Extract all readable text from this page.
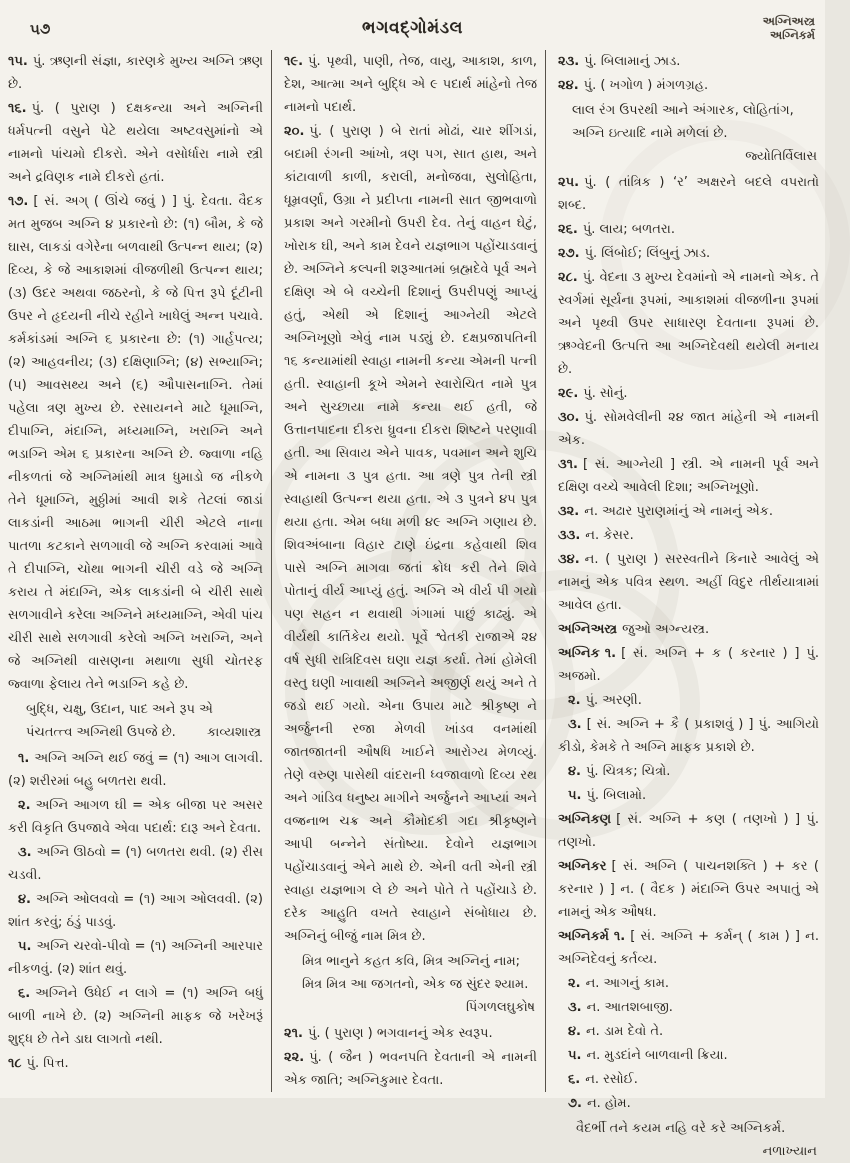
૫૭	ભગવદ્ગોમંડલ	અગ્નિઅસ્ત્ર
અગ્નિકર્મ

૧૫. પું. ઋણની સંજ્ઞા, કારણકે મુખ્ય અગ્નિ ઋણ છે.

૧૬. પું. ( પુરાણ ) દક્ષકન્યા અને અગ્નિની ધર્મપત્ની વસુને પેટે થયેલા અષ્ટવસુમાંનો એ નામનો પાંચમો દીકરો. એને વસોર્ધારા નામે સ્ત્રી અને દ્રવિણક નામે દીકરો હતાં.

૧૭. [ સં. અગ્ ( ઊંચે જવું ) ] પું. દેવતા. વૈદક મત મુજબ અગ્નિ ૪ પ્રકારનો છે: (૧) બૌમ, કે જે ઘાસ, લાકડાં વગેરેના બળવાથી ઉત્પન્ન થાય; (૨) દિવ્ય, કે જે આકાશમાં વીજળીથી ઉત્પન્ન થાય; (૩) ઉદર અથવા જઠરનો, કે જે પિત્ત રૂપે દૂંટીની ઉપર ને હૃદયની નીચે રહીને ખાધેલું અન્ન પચાવે. કર્મકાંડમાં અગ્નિ ૬ પ્રકારના છે: (૧) ગાર્હપત્ય; (૨) આહવનીય; (૩) દક્ષિણાગ્નિ; (૪) સભ્યાગ્નિ; (૫) આવસથ્ય અને (૬) ઔપાસનાગ્નિ. તેમાં પહેલા ત્રણ મુખ્ય છે. રસાયનને માટે ધૂમાગ્નિ, દીપાગ્નિ, મંદાગ્નિ, મધ્યમાગ્નિ, ખરાગ્નિ અને ભડાગ્નિ એમ ૬ પ્રકારના અગ્નિ છે. જ્વાળા નહિ નીકળતાં જે અગ્નિમાંથી માત્ર ધુમાડો જ નીકળે તેને ધૂમાગ્નિ, મુઠ્ઠીમાં આવી શકે તેટલાં જાડાં લાકડાંની આઠમા ભાગની ચીરી એટલે નાના પાતળા કટકાને સળગાવી જે અગ્નિ કરવામાં આવે તે દીપાગ્નિ, ચોથા ભાગની ચીરી વડે જે અગ્નિ કરાય તે મંદાગ્નિ, એક લાકડાંની બે ચીરી સાથે સળગાવીને કરેલા અગ્નિને મધ્યમાગ્નિ, એવી પાંચ ચીરી સાથે સળગાવી કરેલો અગ્નિ ખરાગ્નિ, અને જે અગ્નિથી વાસણના મથાળા સુધી ચોતરફ જ્વાળા ફેલાય તેને ભડાગ્નિ કહે છે.

બુદ્ધિ, ચક્ષુ, ઉદાન, પાદ અને રૂપ એ પંચતત્ત્વ અગ્નિથી ઉપજે છે.	કાવ્યશાસ્ત્ર

૧. અગ્નિ અગ્નિ થઈ જવું = (૧) આગ લાગવી. (૨) શરીરમાં બહુ બળતરા થવી.

૨. અગ્નિ આગળ ઘી = એક બીજા પર અસર કરી વિકૃતિ ઉપજાવે એવા પદાર્થ: દારૂ અને દેવતા.

૩. અગ્નિ ઊઠવો = (૧) બળતરા થવી. (૨) રીસ ચડવી.

૪. અગ્નિ ઓલવવો = (૧) આગ ઓલવવી. (૨) શાંત કરવું; ઠંડું પાડવું.

૫. અગ્નિ ચરવો-પીવો = (૧) અગ્નિની આરપાર નીકળવું. (૨) શાંત થવું.

૬. અગ્નિને ઉધેઈ ન લાગે = (૧) અગ્નિ બધું બાળી નાખે છે. (૨) અગ્નિની માફક જે ખરેખરૂં શુદ્ધ છે તેને ડાઘ લાગતો નથી.

૧૮ પું. પિત્ત.

૧૯. પું. પૃથ્વી, પાણી, તેજ, વાયુ, આકાશ, કાળ, દેશ, આત્મા અને બુદ્ધિ એ ૯ પદાર્થ માંહેનો તેજ નામનો પદાર્થ.

૨૦. પું. ( પુરાણ ) બે રાતાં મોઢાં, ચાર શીંગડાં, બદામી રંગની આંખો, ત્રણ પગ, સાત હાથ, અને કાંટાવાળી કાળી, કરાલી, મનોજવા, સુલોહિતા, ધૂમ્રવર્ણા, ઉગ્રા ને પ્રદીપ્તા નામની સાત જીભવાળો પ્રકાશ અને ગરમીનો ઉપરી દેવ. તેનું વાહન ઘેટું, ખોરાક ઘી, અને કામ દેવને યજ્ઞભાગ પહોંચાડવાનું છે. અગ્નિને કલ્પની શરૂઆતમાં બ્રહ્મદેવે પૂર્વ અને દક્ષિણ એ બે વચ્ચેની દિશાનું ઉપરીપણું આપ્યું હતું, એથી એ દિશાનું આગ્નેયી એટલે અગ્નિખૂણો એવું નામ પડ્યું છે. દક્ષપ્રજાપતિની ૧૬ કન્યામાંથી સ્વાહા નામની કન્યા એમની પત્ની હતી. સ્વાહાની કૂખે એમને સ્વારોચિત નામે પુત્ર અને સુચ્છાયા નામે કન્યા થઈ હતી, જે ઉત્તાનપાદના દીકરા ધ્રુવના દીકરા શિષ્ટને પરણાવી હતી. આ સિવાય એને પાવક, પવમાન અને શુચિ એ નામના ૩ પુત્ર હતા. આ ત્રણે પુત્ર તેની સ્ત્રી સ્વાહાથી ઉત્પન્ન થયા હતા. એ ૩ પુત્રને ૪૫ પુત્ર થયા હતા. એમ બધા મળી ૪૯ અગ્નિ ગણાય છે. શિવઅંબાના વિહાર ટાણે ઇંદ્રના કહેવાથી શિવ પાસે અગ્નિ માગવા જતાં ક્રોધ કરી તેને શિવે પોતાનું વીર્ય આપ્યું હતું. અગ્નિ એ વીર્ય પી ગયો પણ સહન ન થવાથી ગંગામાં પાછું કાઢ્યું. એ વીર્યથી કાર્તિકેય થયો. પૂર્વે શ્વેતકી રાજાએ ૨૪ વર્ષ સુધી રાત્રિદિવસ ઘણા યજ્ઞ કર્યા. તેમાં હોમેલી વસ્તુ ઘણી ખાવાથી અગ્નિને અજીર્ણ થયું અને તે જડો થઈ ગયો. એના ઉપાય માટે શ્રીકૃષ્ણ ને અર્જુનની રજા મેળવી ખાંડવ વનમાંથી જાતજાતની ઔષધિ ખાઈને આરોગ્ય મેળવ્યું. તેણે વરુણ પાસેથી વાંદરાની ધ્વજાવાળો દિવ્ય રથ અને ગાંડિવ ધનુષ્ય માગીને અર્જુનને આપ્યાં અને વજ્રનાભ ચક્ર અને કૌમોદકી ગદા શ્રીકૃષ્ણને આપી બન્નેને સંતોષ્યા. દેવોને યજ્ઞભાગ પહોંચાડવાનું એને માથે છે. એની વતી એની સ્ત્રી સ્વાહા યજ્ઞભાગ લે છે અને પોતે તે પહોંચાડે છે. દરેક આહુતિ વખતે સ્વાહાને સંબોધાય છે. અગ્નિનું બીજું નામ મિત્ર છે.

મિત્ર ભાનુને કહત કવિ, મિત્ર અગ્નિનું નામ;
મિત્ર મિત્ર આ જગતનો, એક જ સુંદર શ્યામ.
પિંગળલઘુકોષ

૨૧. પું. ( પુરાણ ) ભગવાનનું એક સ્વરૂપ.

૨૨. પું. ( જૈન ) ભવનપતિ દેવતાની એ નામની એક જાતિ; અગ્નિકુમાર દેવતા.

૨૩. પું. બિલામાનું ઝાડ.

૨૪. પું. ( ખગોળ ) મંગળગ્રહ.

લાલ રંગ ઉપરથી આને અંગારક, લોહિતાંગ, અગ્નિ ઇત્યાદિ નામે મળેલાં છે.
જ્યોતિર્વિલાસ

૨૫. પું. ( તાંત્રિક ) ‘ર’ અક્ષરને બદલે વપરાતો શબ્દ.

૨૬. પું. લાય; બળતરા.

૨૭. પું. લિંબોઈ; લિંબુનું ઝાડ.

૨૮. પું. વેદના ૩ મુખ્ય દેવમાંનો એ નામનો એક. તે સ્વર્ગમાં સૂર્યના રૂપમાં, આકાશમાં વીજળીના રૂપમાં અને પૃથ્વી ઉપર સાધારણ દેવતાના રૂપમાં છે. ઋગ્વેદની ઉત્પત્તિ આ અગ્નિદેવથી થયેલી મનાય છે.

૨૯. પું. સોનું.

૩૦. પું. સોમવેલીની ૨૪ જાત માંહેની એ નામની એક.

૩૧. [ સં. આગ્નેયી ] સ્ત્રી. એ નામની પૂર્વ અને દક્ષિણ વચ્ચે આવેલી દિશા; અગ્નિખૂણો.

૩૨. ન. અઢાર પુરાણમાંનું એ નામનું એક.

૩૩. ન. કેસર.

૩૪. ન. ( પુરાણ ) સરસ્વતીને કિનારે આવેલું એ નામનું એક પવિત્ર સ્થળ. અહીં વિદુર તીર્થયાત્રામાં આવેલ હતા.

અગ્નિઅસ્ત્ર જુઓ અગ્ન્યસ્ત્ર.

અગ્નિક ૧. [ સં. અગ્નિ + ક ( કરનાર ) ] પું. અજમો.

૨. પું. અરણી.

૩. [ સં. અગ્નિ + કૈ ( પ્રકાશવું ) ] પું. આગિયો કીડો, કેમકે તે અગ્નિ માફક પ્રકાશે છે.

૪. પું. ચિત્રક; ચિત્રો.

૫. પું. બિલામો.

અગ્નિકણ [ સં. અગ્નિ + કણ ( તણખો ) ] પું. તણખો.

અગ્નિકર [ સં. અગ્નિ ( પાચનશક્તિ ) + કર ( કરનાર ) ] ન. ( વૈદક ) મંદાગ્નિ ઉપર અપાતું એ નામનું એક ઔષધ.

અગ્નિકર્મ ૧. [ સં. અગ્નિ + કર્મન્ ( કામ ) ] ન. અગ્નિદેવનું કર્તવ્ય.

૨. ન. આગનું કામ.

૩. ન. આતશબાજી.

૪. ન. ડામ દેવો તે.

૫. ન. મુડદાંને બાળવાની ક્રિયા.

૬. ન. રસોઈ.

૭. ન. હોમ.

વૈદર્ભી તને કયમ નહિ વરે કરે અગ્નિકર્મ.
નળાખ્યાન
